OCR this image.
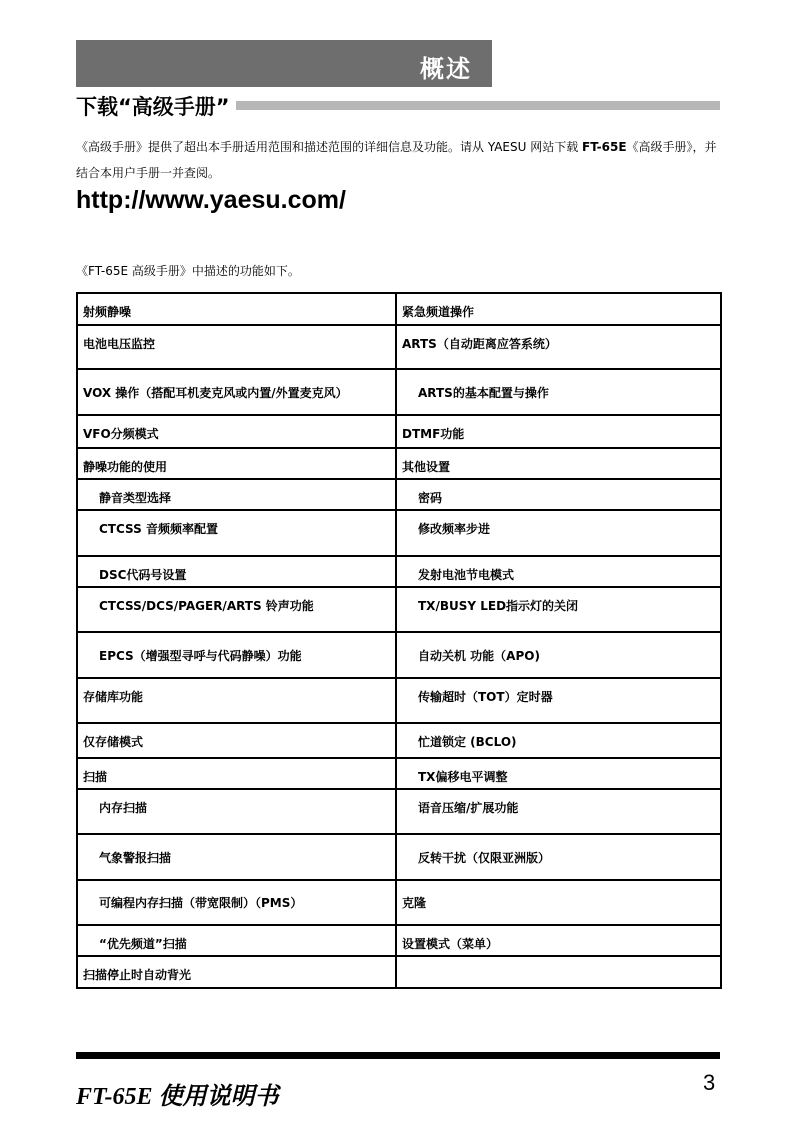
概述
下载“高级手册”
《高级手册》提供了超出本手册适用范围和描述范围的详细信息及功能。请从 YAESU 网站下载 FT-65E《高级手册》，并结合本用户手册一并查阅。
http://www.yaesu.com/
《FT-65E 高级手册》中描述的功能如下。
射频静噪	紧急频道操作
电池电压监控	ARTS（自动距离应答系统）
VOX 操作（搭配耳机麦克风或内置/外置麦克风）	ARTS的基本配置与操作
VFO分频模式	DTMF功能
静噪功能的使用	其他设置
静音类型选择	密码
CTCSS 音频频率配置	修改频率步进
DSC代码号设置	发射电池节电模式
CTCSS/DCS/PAGER/ARTS 铃声功能	TX/BUSY LED指示灯的关闭
EPCS（增强型寻呼与代码静噪）功能	自动关机 功能（APO)
存储库功能	传输超时（TOT）定时器
仅存储模式	忙道锁定 (BCLO)
扫描	TX偏移电平调整
内存扫描	语音压缩/扩展功能
气象警报扫描	反转干扰（仅限亚洲版）
可编程内存扫描（带宽限制）（PMS）	克隆
“优先频道”扫描	设置模式（菜单）
扫描停止时自动背光	
FT-65E 使用说明书
3
